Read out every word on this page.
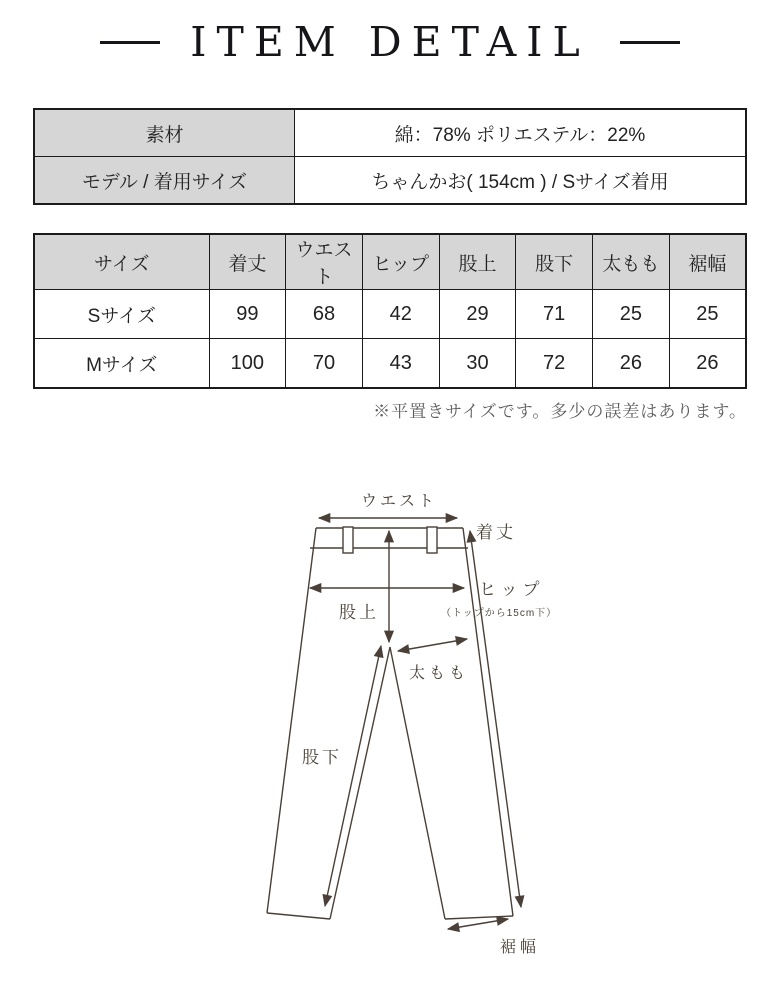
ITEM DETAIL
素材	綿：78% ポリエステル：22%
モデル / 着用サイズ	ちゃんかお( 154cm ) / Sサイズ着用
サイズ	着丈	ウエスト	ヒップ	股上	股下	太もも	裾幅
Sサイズ	99	68	42	29	71	25	25
Mサイズ	100	70	43	30	72	26	26

※平置きサイズです。多少の誤差はあります。

ウエスト
着丈
ヒップ
（トップから15cm下）
股上
太もも
股下
裾幅
